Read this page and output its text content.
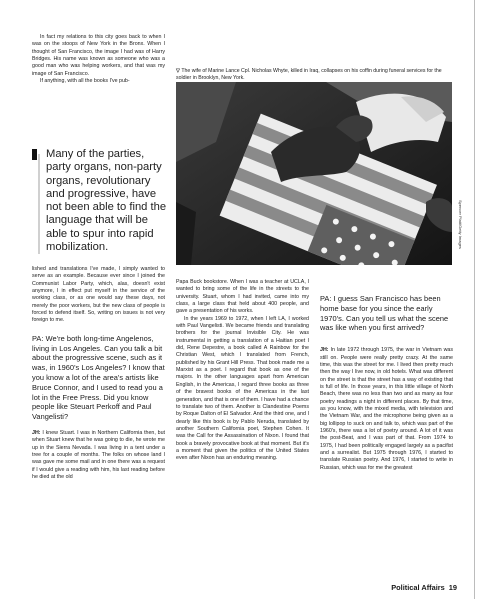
In fact my relations to this city goes back to when I was on the stoops of New York in the Bronx. When I thought of San Francisco, the image I had was of Harry Bridges. His name was known as someone who was a good man who was helping workers, and that was my image of San Francisco.

If anything, with all the books I've pub-

Many of the parties, party organs, non-party organs, revolutionary and progressive, have not been able to find the language that will be able to spur into rapid mobilization.

lished and translations I've made, I simply wanted to serve as an example. Because ever since I joined the Communist Labor Party, which, alas, doesn't exist anymore, I in effect put myself in the service of the working class, or as one would say these days, not merely the poor workers, but the new class of people is forced to defend itself. So, writing on issues is not very foreign to me.

PA: We're both long-time Angelenos, living in Los Angeles. Can you talk a bit about the progressive scene, such as it was, in 1960's Los Angeles? I know that you know a lot of the area's artists like Bruce Connor, and I used to read you a lot in the Free Press. Did you know people like Steuart Perkoff and Paul Vangelisti?

JH: I knew Stuart. I was in Northern California then, but when Stuart knew that he was going to die, he wrote me up in the Sierra Nevada. I was living in a tent under a tree for a couple of months. The folks on whose land I was gave me some mail and in one there was a request if I would give a reading with him, his last reading before he died at the old

▽ The wife of Marine Lance Cpl. Nicholas Whyte, killed in Iraq, collapses on his coffin during funeral services for the soldier in Brooklyn, New York.
Spencer Platt/Getty Images

Papa Buck bookstore. When I was a teacher at UCLA, I wanted to bring some of the life in the streets to the university. Stuart, whom I had invited, came into my class, a large class that held about 400 people, and gave a presentation of his works.

In the years 1969 to 1972, when I left LA, I worked with Paul Vangelisti. We became friends and translating brothers for the journal Invisible City. He was instrumental in getting a translation of a Haitian poet I did, Rene Depestre, a book called A Rainbow for the Christian West, which I translated from French, published by his Grant Hill Press. That book made me a Marxist as a poet. I regard that book as one of the majors. In the other languages apart from American English, in the Americas, I regard three books as three of the bravest books of the Americas in the last generation, and that is one of them. I have had a chance to translate two of them. Another is Clandestine Poems by Roque Dalton of El Salvador. And the third one, and I dearly like this book is by Pablo Neruda, translated by another Southern California poet, Stephen Cohen. It was the Call for the Assassination of Nixon. I found that book a bravely provocative book at that moment. But it's a moment that given the politics of the United States even after Nixon has an enduring meaning.

PA: I guess San Francisco has been home base for you since the early 1970's. Can you tell us what the scene was like when you first arrived?

JH: In late 1972 through 1975, the war in Vietnam was still on. People were really pretty crazy. At the same time, this was the street for me. I lived then pretty much then the way I live now, in old hotels. What was different on the street is that the street has a way of existing that is full of life. In those years, in this little village of North Beach, there was no less than two and as many as four poetry readings a night in different places. By that time, as you know, with the mixed media, with television and the Vietnam War, and the microphone being given as a big lollipop to suck on and talk to, which was part of the 1960's, there was a lot of poetry around. A lot of it was the post-Beat, and I was part of that. From 1974 to 1975, I had been politically engaged largely as a pacifist and a surrealist. But 1975 through 1976, I started to translate Russian poetry. And 1976, I started to write in Russian, which was for me the greatest

Political Affairs 19
